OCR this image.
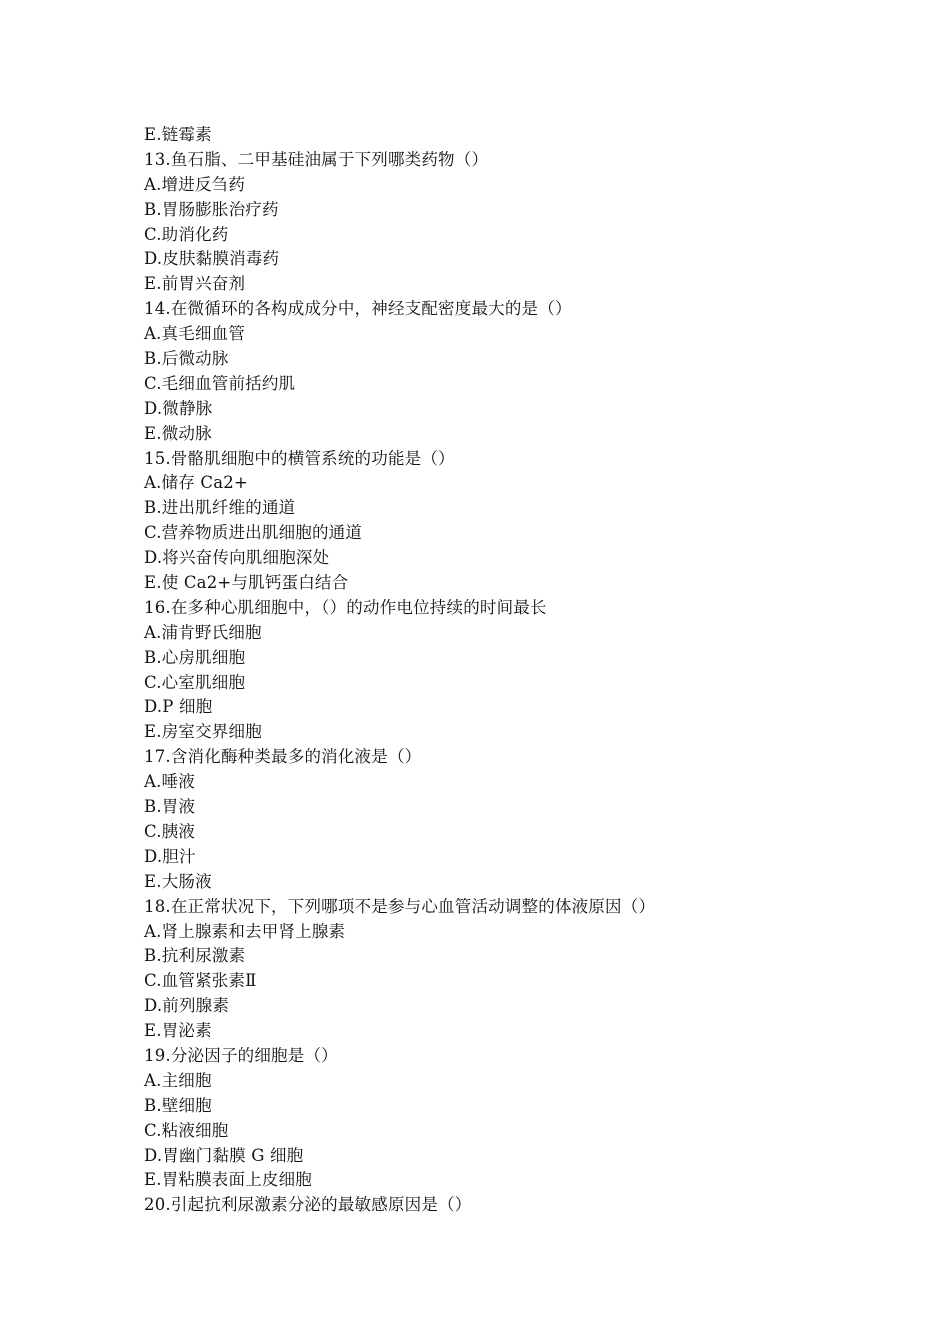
E.链霉素
13.鱼石脂、二甲基硅油属于下列哪类药物（）
A.增进反刍药
B.胃肠膨胀治疗药
C.助消化药
D.皮肤黏膜消毒药
E.前胃兴奋剂
14.在微循环的各构成成分中，神经支配密度最大的是（）
A.真毛细血管
B.后微动脉
C.毛细血管前括约肌
D.微静脉
E.微动脉
15.骨骼肌细胞中的横管系统的功能是（）
A.储存 Ca2+
B.进出肌纤维的通道
C.营养物质进出肌细胞的通道
D.将兴奋传向肌细胞深处
E.使 Ca2+与肌钙蛋白结合
16.在多种心肌细胞中，（）的动作电位持续的时间最长
A.浦肯野氏细胞
B.心房肌细胞
C.心室肌细胞
D.P 细胞
E.房室交界细胞
17.含消化酶种类最多的消化液是（）
A.唾液
B.胃液
C.胰液
D.胆汁
E.大肠液
18.在正常状况下，下列哪项不是参与心血管活动调整的体液原因（）
A.肾上腺素和去甲肾上腺素
B.抗利尿激素
C.血管紧张素Ⅱ
D.前列腺素
E.胃泌素
19.分泌因子的细胞是（）
A.主细胞
B.壁细胞
C.粘液细胞
D.胃幽门黏膜 G 细胞
E.胃粘膜表面上皮细胞
20.引起抗利尿激素分泌的最敏感原因是（）
